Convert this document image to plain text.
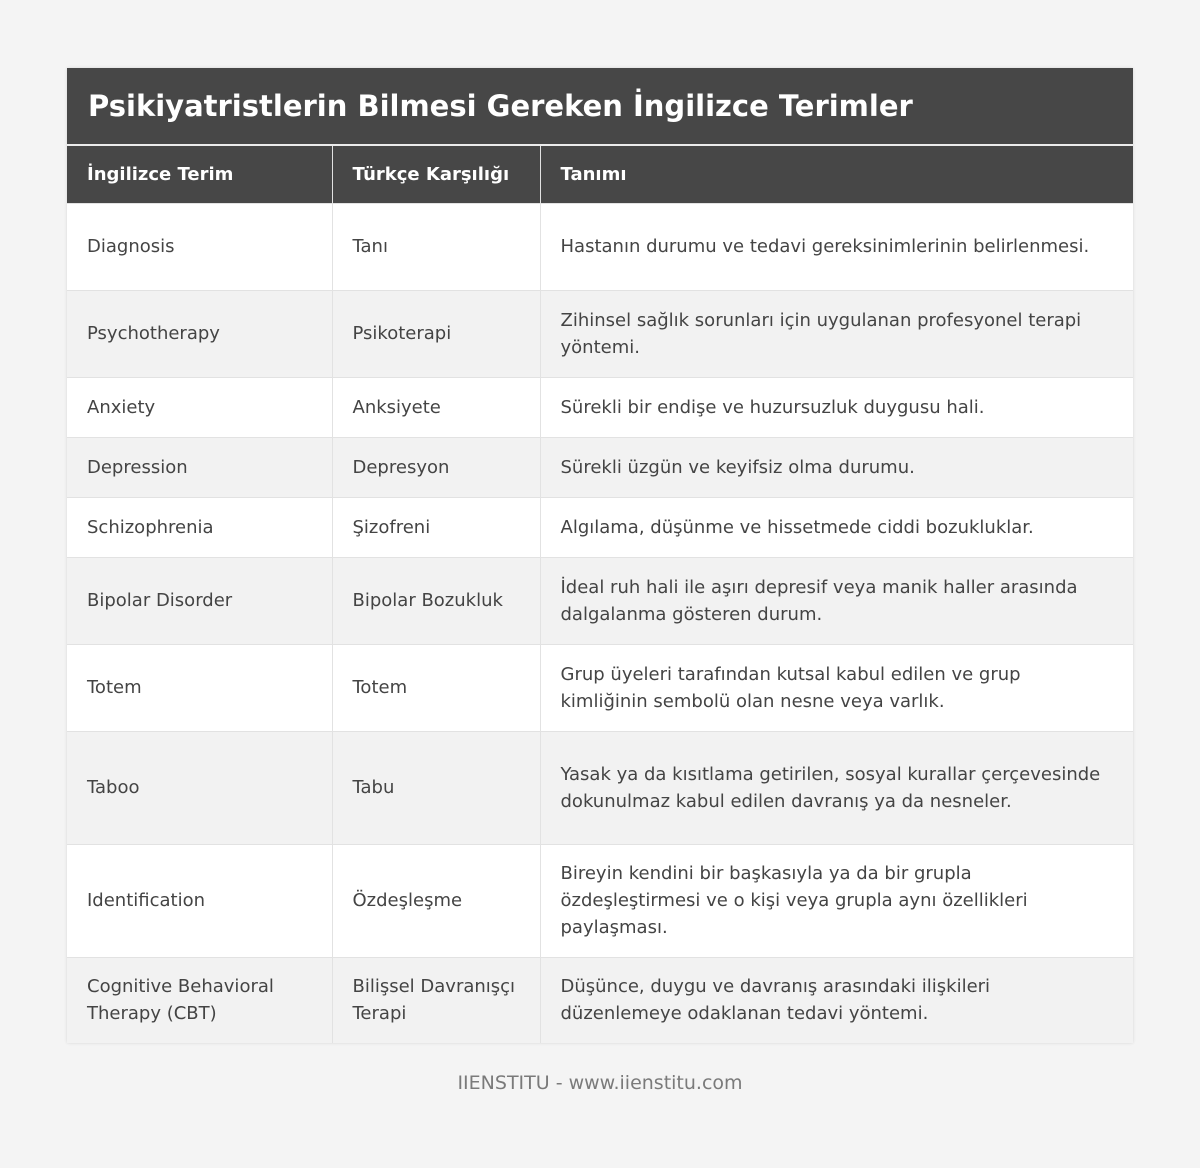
Psikiyatristlerin Bilmesi Gereken İngilizce Terimler
İngilizce Terim	Türkçe Karşılığı	Tanımı
Diagnosis	Tanı	Hastanın durumu ve tedavi gereksinimlerinin belirlenmesi.
Psychotherapy	Psikoterapi	Zihinsel sağlık sorunları için uygulanan profesyonel terapi yöntemi.
Anxiety	Anksiyete	Sürekli bir endişe ve huzursuzluk duygusu hali.
Depression	Depresyon	Sürekli üzgün ve keyifsiz olma durumu.
Schizophrenia	Şizofreni	Algılama, düşünme ve hissetmede ciddi bozukluklar.
Bipolar Disorder	Bipolar Bozukluk	İdeal ruh hali ile aşırı depresif veya manik haller arasında dalgalanma gösteren durum.
Totem	Totem	Grup üyeleri tarafından kutsal kabul edilen ve grup kimliğinin sembolü olan nesne veya varlık.
Taboo	Tabu	Yasak ya da kısıtlama getirilen, sosyal kurallar çerçevesinde dokunulmaz kabul edilen davranış ya da nesneler.
Identification	Özdeşleşme	Bireyin kendini bir başkasıyla ya da bir grupla özdeşleştirmesi ve o kişi veya grupla aynı özellikleri paylaşması.
Cognitive Behavioral Therapy (CBT)	Bilişsel Davranışçı Terapi	Düşünce, duygu ve davranış arasındaki ilişkileri düzenlemeye odaklanan tedavi yöntemi.
IIENSTITU - www.iienstitu.com
